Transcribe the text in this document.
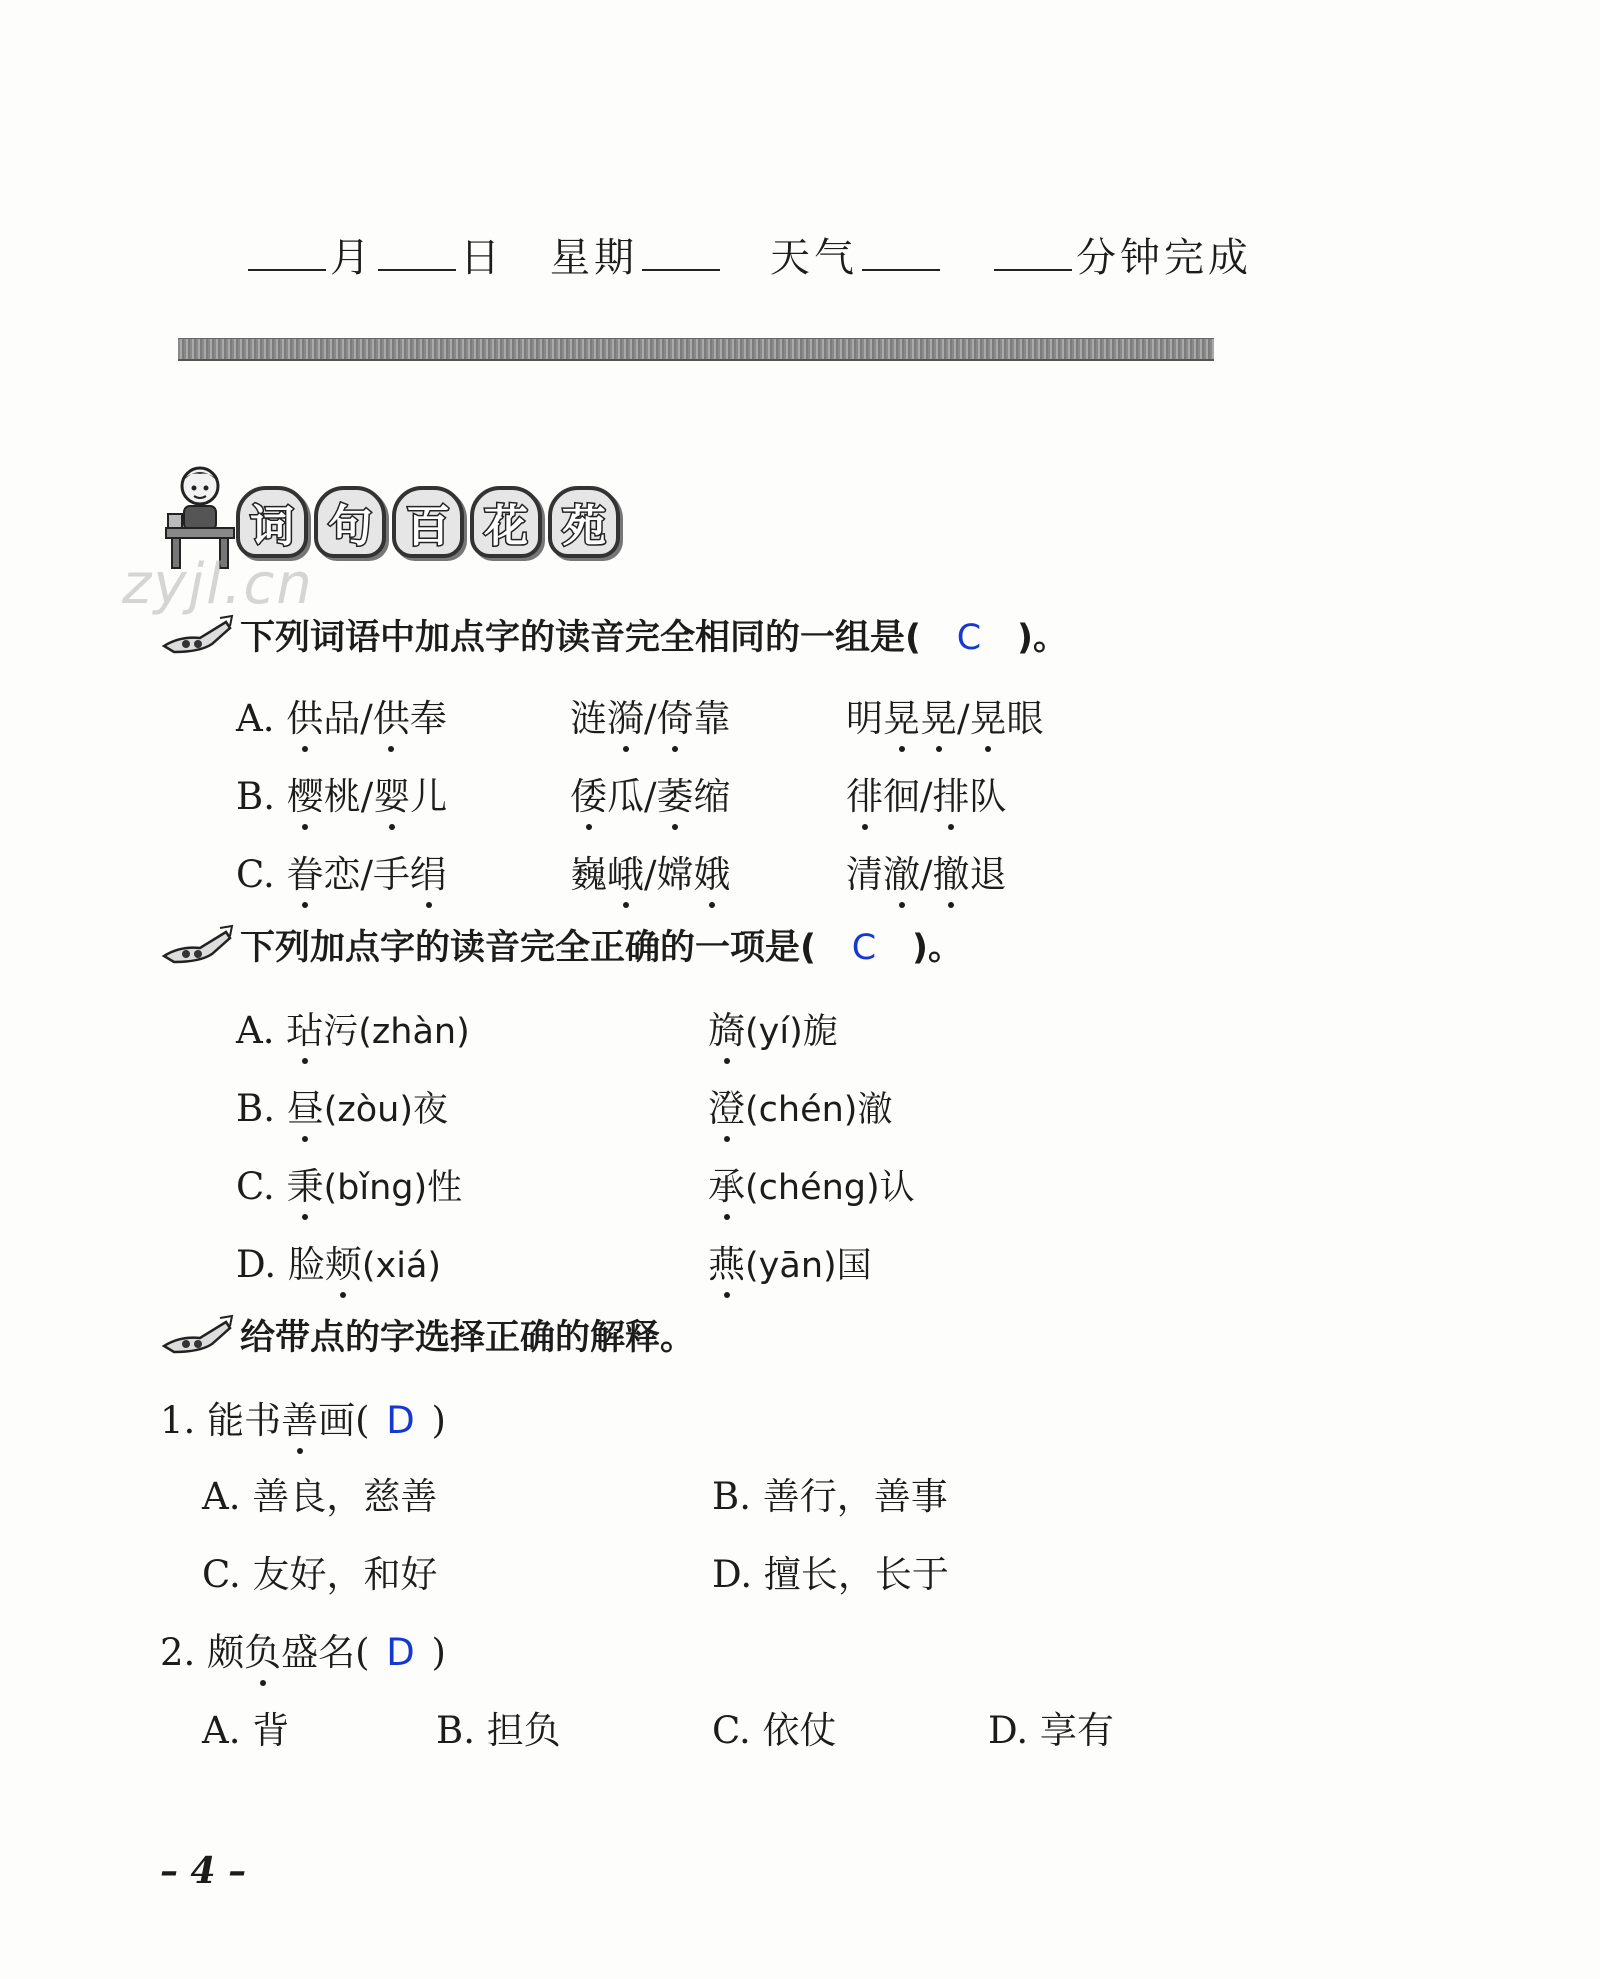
月 日 星期	天气	分钟完成
词 句 百 花 苑
zyjl.cn
下列词语中加点字的读音完全相同的一组是( C )。
A. 供品/供奉	涟漪/倚靠	明晃晃/晃眼
B. 樱桃/婴儿	倭瓜/萎缩	徘徊/排队
C. 眷恋/手绢	巍峨/嫦娥	清澈/撤退
下列加点字的读音完全正确的一项是( C )。
A. 玷污(zhàn)	旖(yí)旎
B. 昼(zòu)夜	澄(chén)澈
C. 秉(bǐng)性	承(chéng)认
D. 脸颊(xiá)	燕(yān)国
给带点的字选择正确的解释。
1. 能书善画( D )
A. 善良，慈善	B. 善行，善事
C. 友好，和好	D. 擅长，长于
2. 颇负盛名( D )
A. 背	B. 担负	C. 依仗	D. 享有
– 4 –
